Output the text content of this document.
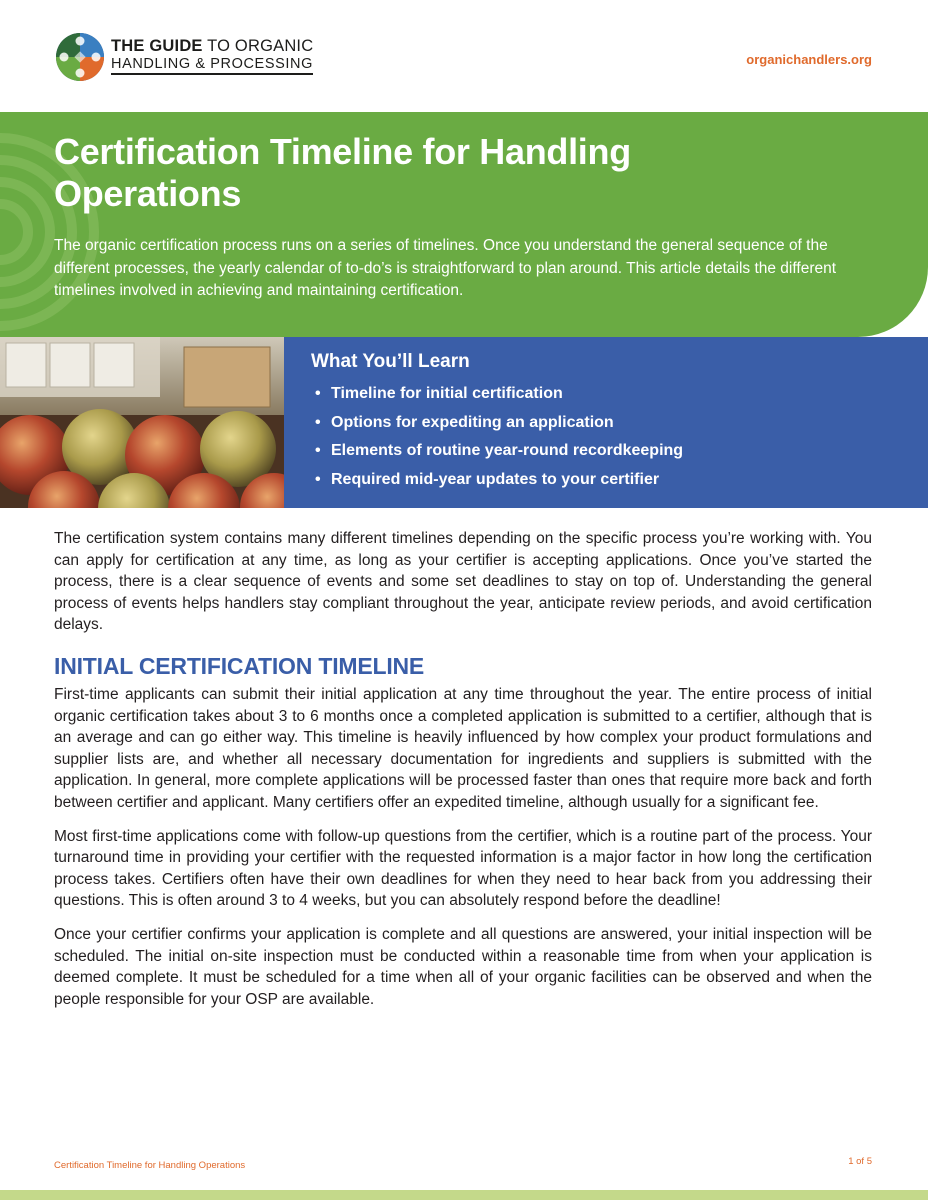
THE GUIDE TO ORGANIC
HANDLING & PROCESSING	organichandlers.org
Certification Timeline for Handling Operations

The organic certification process runs on a series of timelines. Once you understand the general sequence of the different processes, the yearly calendar of to-do’s is straightforward to plan around. This article details the different timelines involved in achieving and maintaining certification.

What You’ll Learn
• Timeline for initial certification
• Options for expediting an application
• Elements of routine year-round recordkeeping
• Required mid-year updates to your certifier

The certification system contains many different timelines depending on the specific process you’re working with. You can apply for certification at any time, as long as your certifier is accepting applications. Once you’ve started the process, there is a clear sequence of events and some set deadlines to stay on top of. Understanding the general process of events helps handlers stay compliant throughout the year, anticipate review periods, and avoid certification delays.

INITIAL CERTIFICATION TIMELINE

First-time applicants can submit their initial application at any time throughout the year. The entire process of initial organic certification takes about 3 to 6 months once a completed application is submitted to a certifier, although that is an average and can go either way. This timeline is heavily influenced by how complex your product formulations and supplier lists are, and whether all necessary documentation for ingredients and suppliers is submitted with the application. In general, more complete applications will be processed faster than ones that require more back and forth between certifier and applicant. Many certifiers offer an expedited timeline, although usually for a significant fee.

Most first-time applications come with follow-up questions from the certifier, which is a routine part of the process. Your turnaround time in providing your certifier with the requested information is a major factor in how long the certification process takes. Certifiers often have their own deadlines for when they need to hear back from you addressing their questions. This is often around 3 to 4 weeks, but you can absolutely respond before the deadline!

Once your certifier confirms your application is complete and all questions are answered, your initial inspection will be scheduled. The initial on-site inspection must be conducted within a reasonable time from when your application is deemed complete. It must be scheduled for a time when all of your organic facilities can be observed and when the people responsible for your OSP are available.

Certification Timeline for Handling Operations	1 of 5
